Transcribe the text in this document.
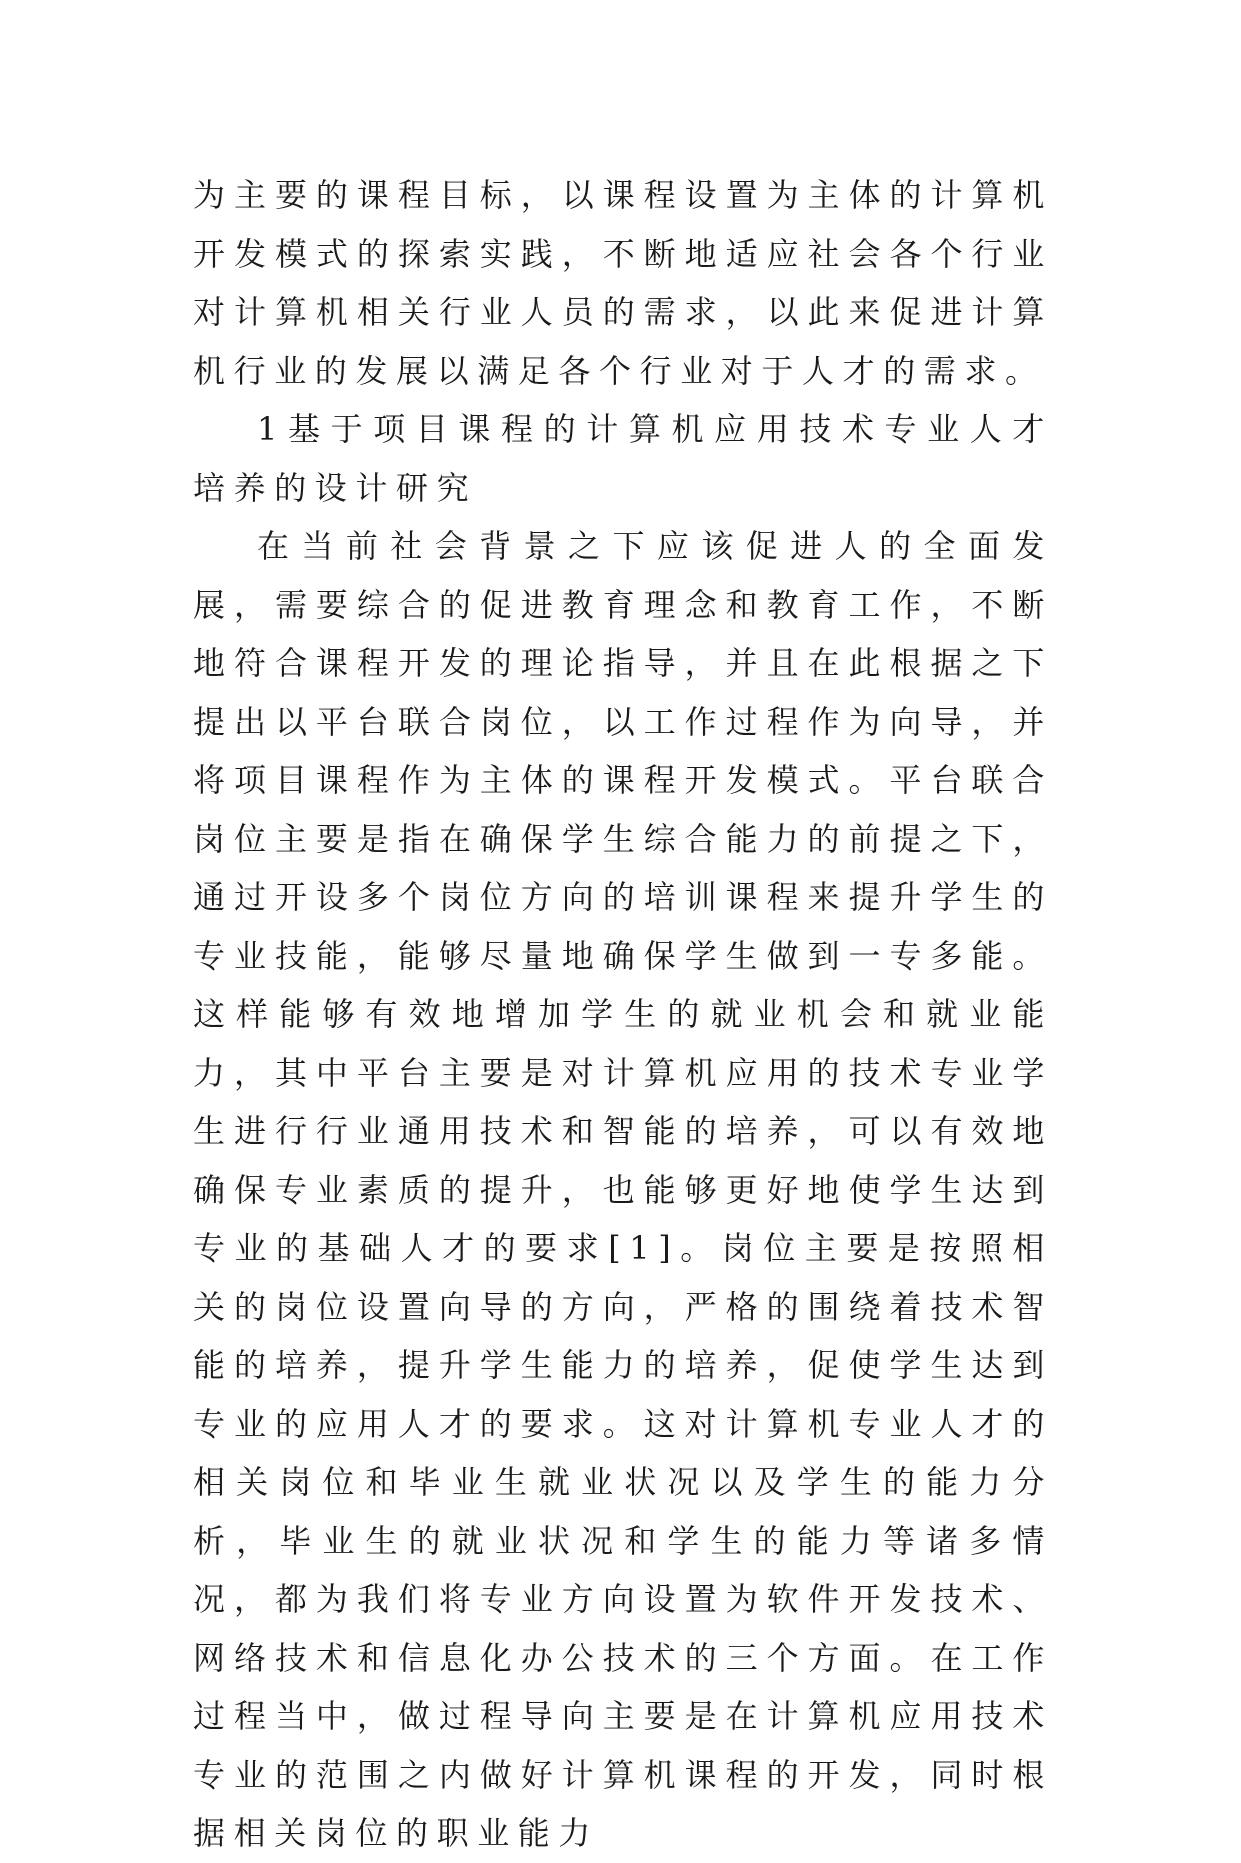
为主要的课程目标，以课程设置为主体的计算机开发模式的探索实践，不断地适应社会各个行业对计算机相关行业人员的需求，以此来促进计算机行业的发展以满足各个行业对于人才的需求。

1基于项目课程的计算机应用技术专业人才培养的设计研究

在当前社会背景之下应该促进人的全面发展，需要综合的促进教育理念和教育工作，不断地符合课程开发的理论指导，并且在此根据之下提出以平台联合岗位，以工作过程作为向导，并将项目课程作为主体的课程开发模式。平台联合岗位主要是指在确保学生综合能力的前提之下，通过开设多个岗位方向的培训课程来提升学生的专业技能，能够尽量地确保学生做到一专多能。这样能够有效地增加学生的就业机会和就业能力，其中平台主要是对计算机应用的技术专业学生进行行业通用技术和智能的培养，可以有效地确保专业素质的提升，也能够更好地使学生达到专业的基础人才的要求[1]。岗位主要是按照相关的岗位设置向导的方向，严格的围绕着技术智能的培养，提升学生能力的培养，促使学生达到专业的应用人才的要求。这对计算机专业人才的相关岗位和毕业生就业状况以及学生的能力分析，毕业生的就业状况和学生的能力等诸多情况，都为我们将专业方向设置为软件开发技术、网络技术和信息化办公技术的三个方面。在工作过程当中，做过程导向主要是在计算机应用技术专业的范围之内做好计算机课程的开发，同时根据相关岗位的职业能力
